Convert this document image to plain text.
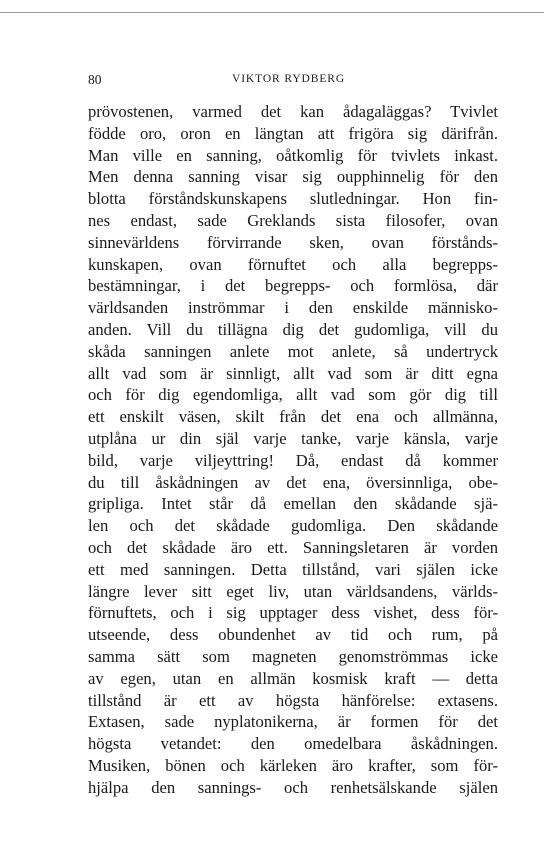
80	VIKTOR RYDBERG
prövostenen, varmed det kan ådagaläggas? Tvivlet
födde oro, oron en längtan att frigöra sig därifrån.
Man ville en sanning, oåtkomlig för tvivlets inkast.
Men denna sanning visar sig oupphinnelig för den
blotta förståndskunskapens slutledningar. Hon fin-
nes endast, sade Greklands sista filosofer, ovan
sinnevärldens förvirrande sken, ovan förstånds-
kunskapen, ovan förnuftet och alla begrepps-
bestämningar, i det begrepps- och formlösa, där
världsanden inströmmar i den enskilde människo-
anden. Vill du tillägna dig det gudomliga, vill du
skåda sanningen anlete mot anlete, så undertryck
allt vad som är sinnligt, allt vad som är ditt egna
och för dig egendomliga, allt vad som gör dig till
ett enskilt väsen, skilt från det ena och allmänna,
utplåna ur din själ varje tanke, varje känsla, varje
bild, varje viljeyttring! Då, endast då kommer
du till åskådningen av det ena, översinnliga, obe-
gripliga. Intet står då emellan den skådande sjä-
len och det skådade gudomliga. Den skådande
och det skådade äro ett. Sanningsletaren är vorden
ett med sanningen. Detta tillstånd, vari själen icke
längre lever sitt eget liv, utan världsandens, världs-
förnuftets, och i sig upptager dess vishet, dess för-
utseende, dess obundenhet av tid och rum, på
samma sätt som magneten genomströmmas icke
av egen, utan en allmän kosmisk kraft — detta
tillstånd är ett av högsta hänförelse: extasens.
Extasen, sade nyplatonikerna, är formen för det
högsta vetandet: den omedelbara åskådningen.
Musiken, bönen och kärleken äro krafter, som för-
hjälpa den sannings- och renhetsälskande själen
